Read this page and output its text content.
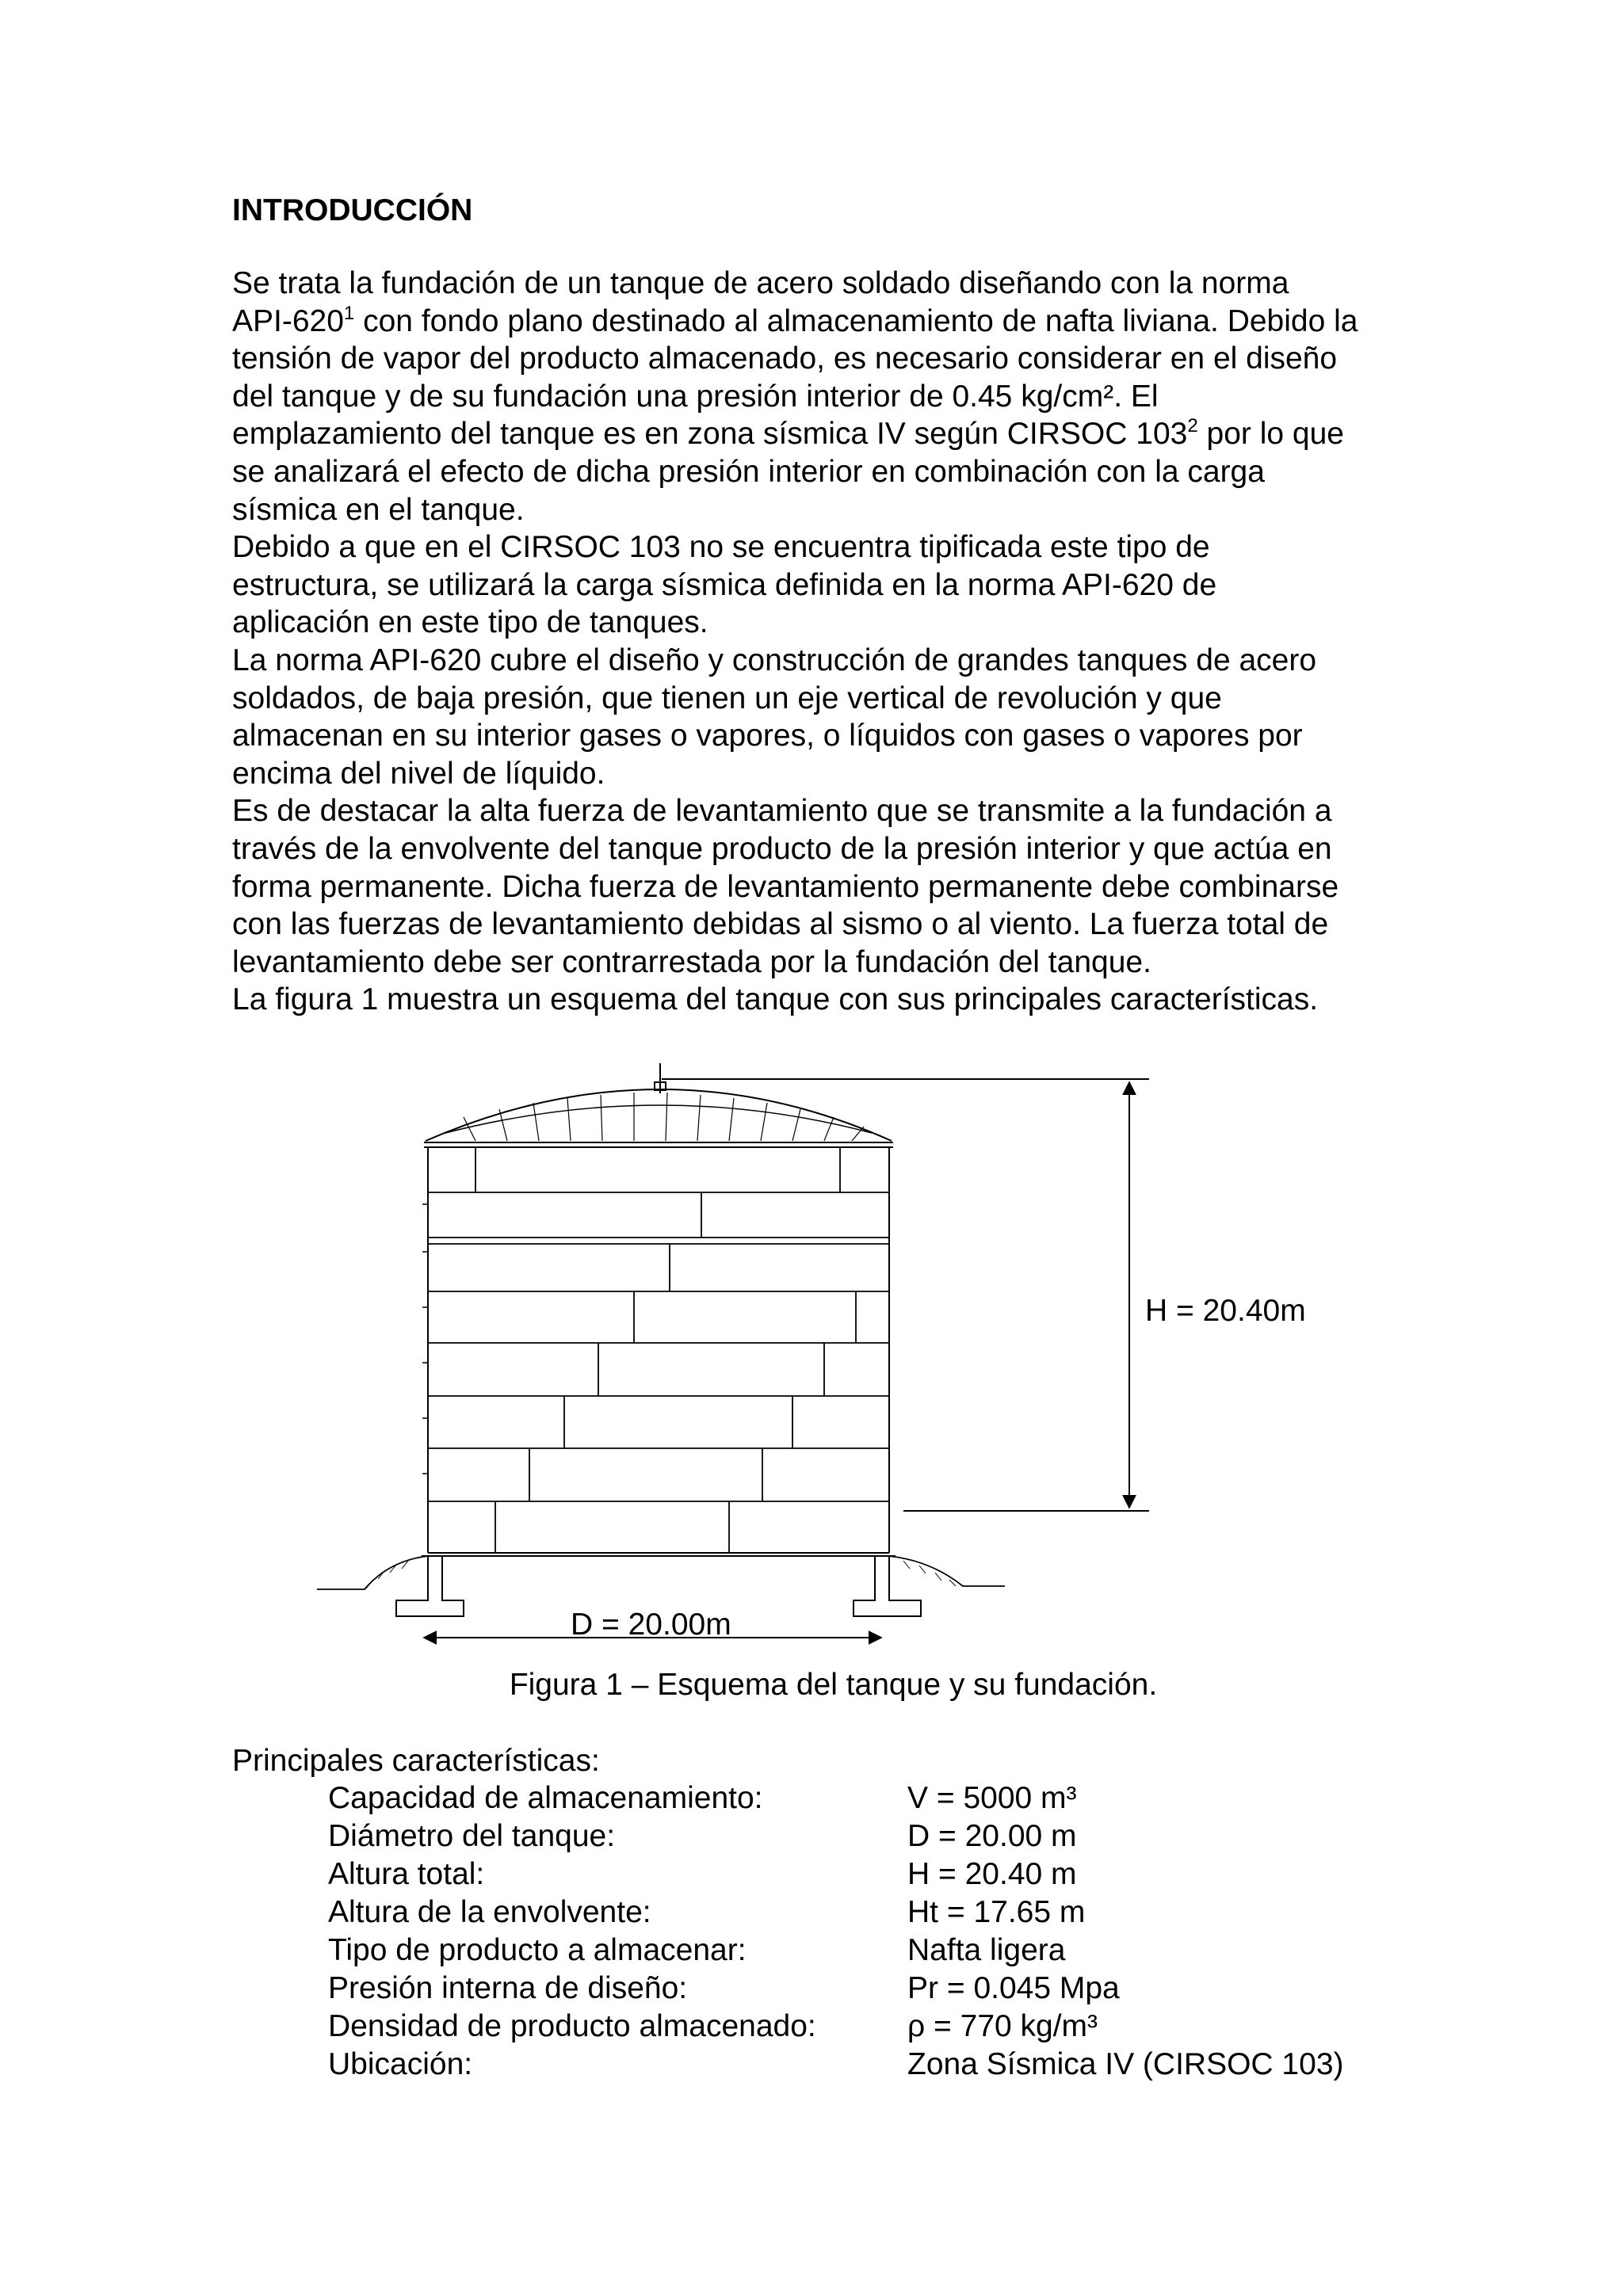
INTRODUCCIÓN
Se trata la fundación de un tanque de acero soldado diseñando con la norma
API-$620^1$ con fondo plano destinado al almacenamiento de nafta liviana. Debido la
tensión de vapor del producto almacenado, es necesario considerar en el diseño
del tanque y de su fundación una presión interior de 0.45 kg/cm². El
emplazamiento del tanque es en zona sísmica IV según CIRSOC $103^2$ por lo que
se analizará el efecto de dicha presión interior en combinación con la carga
sísmica en el tanque.
Debido a que en el CIRSOC 103 no se encuentra tipificada este tipo de
estructura, se utilizará la carga sísmica definida en la norma API-620 de
aplicación en este tipo de tanques.
La norma API-620 cubre el diseño y construcción de grandes tanques de acero
soldados, de baja presión, que tienen un eje vertical de revolución y que
almacenan en su interior gases o vapores, o líquidos con gases o vapores por
encima del nivel de líquido.
Es de destacar la alta fuerza de levantamiento que se transmite a la fundación a
través de la envolvente del tanque producto de la presión interior y que actúa en
forma permanente. Dicha fuerza de levantamiento permanente debe combinarse
con las fuerzas de levantamiento debidas al sismo o al viento. La fuerza total de
levantamiento debe ser contrarrestada por la fundación del tanque.
La figura 1 muestra un esquema del tanque con sus principales características.
H = 20.40m
D = 20.00m
Figura 1 – Esquema del tanque y su fundación.
Principales características:
Capacidad de almacenamiento:	V = 5000 m³
Diámetro del tanque:	D = 20.00 m
Altura total:	H = 20.40 m
Altura de la envolvente:	Ht = 17.65 m
Tipo de producto a almacenar:	Nafta ligera
Presión interna de diseño:	Pr = 0.045 Mpa
Densidad de producto almacenado:	ρ = 770 kg/m³
Ubicación:	Zona Sísmica IV (CIRSOC 103)
